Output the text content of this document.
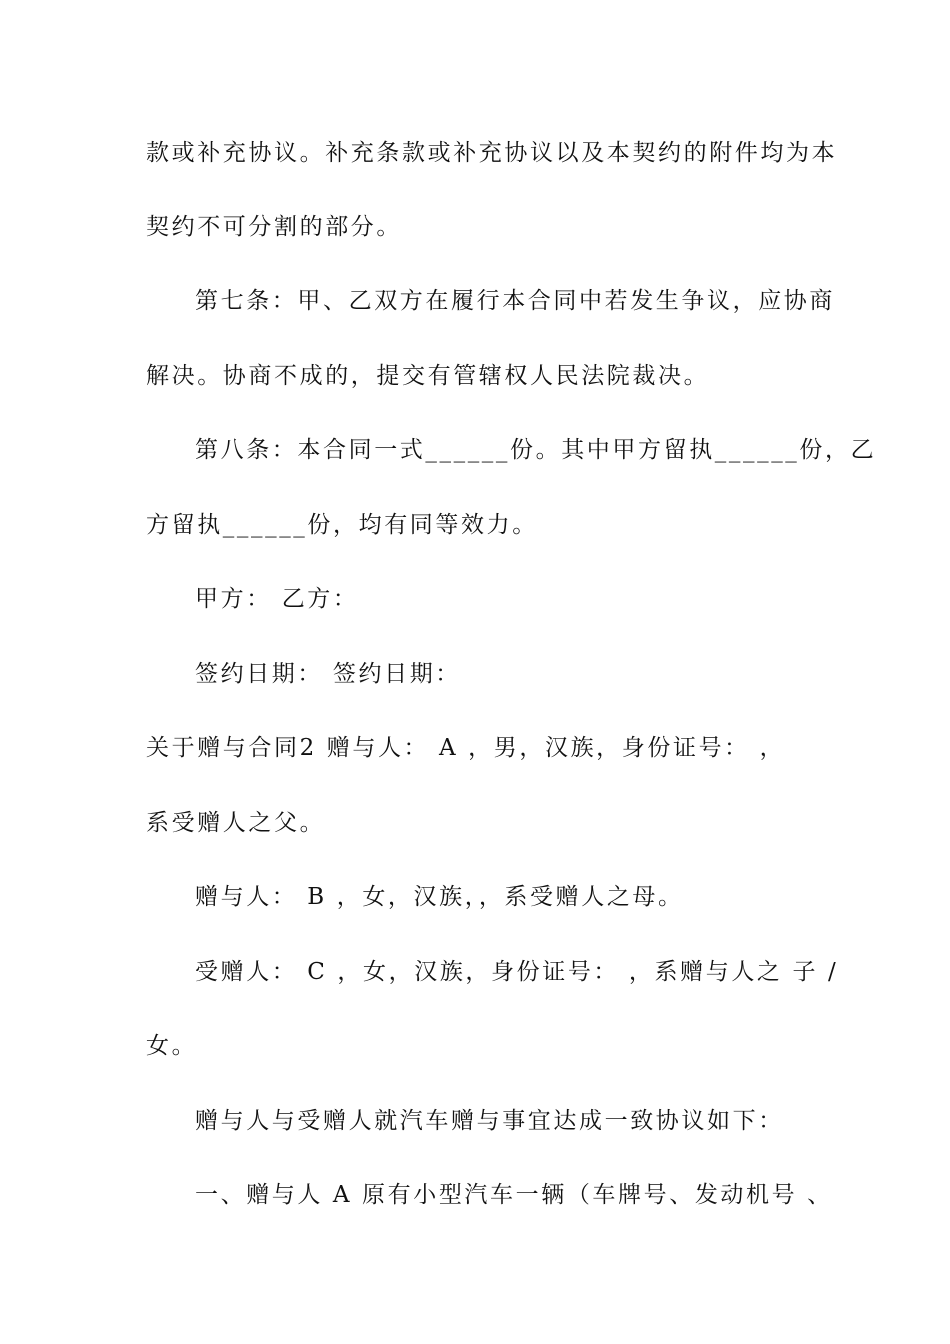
款或补充协议。补充条款或补充协议以及本契约的附件均为本
契约不可分割的部分。
第七条：甲、乙双方在履行本合同中若发生争议，应协商
解决。协商不成的，提交有管辖权人民法院裁决。
第八条：本合同一式______份。其中甲方留执______份，乙
方留执______份，均有同等效力。
甲方： 乙方：
签约日期： 签约日期：
关于赠与合同2 赠与人： A ，男，汉族，身份证号： ，
系受赠人之父。
赠与人： B ，女，汉族，，系受赠人之母。
受赠人： C ，女，汉族，身份证号： ，系赠与人之 子 /
女。
赠与人与受赠人就汽车赠与事宜达成一致协议如下：
一、赠与人 A 原有小型汽车一辆（车牌号、发动机号 、
